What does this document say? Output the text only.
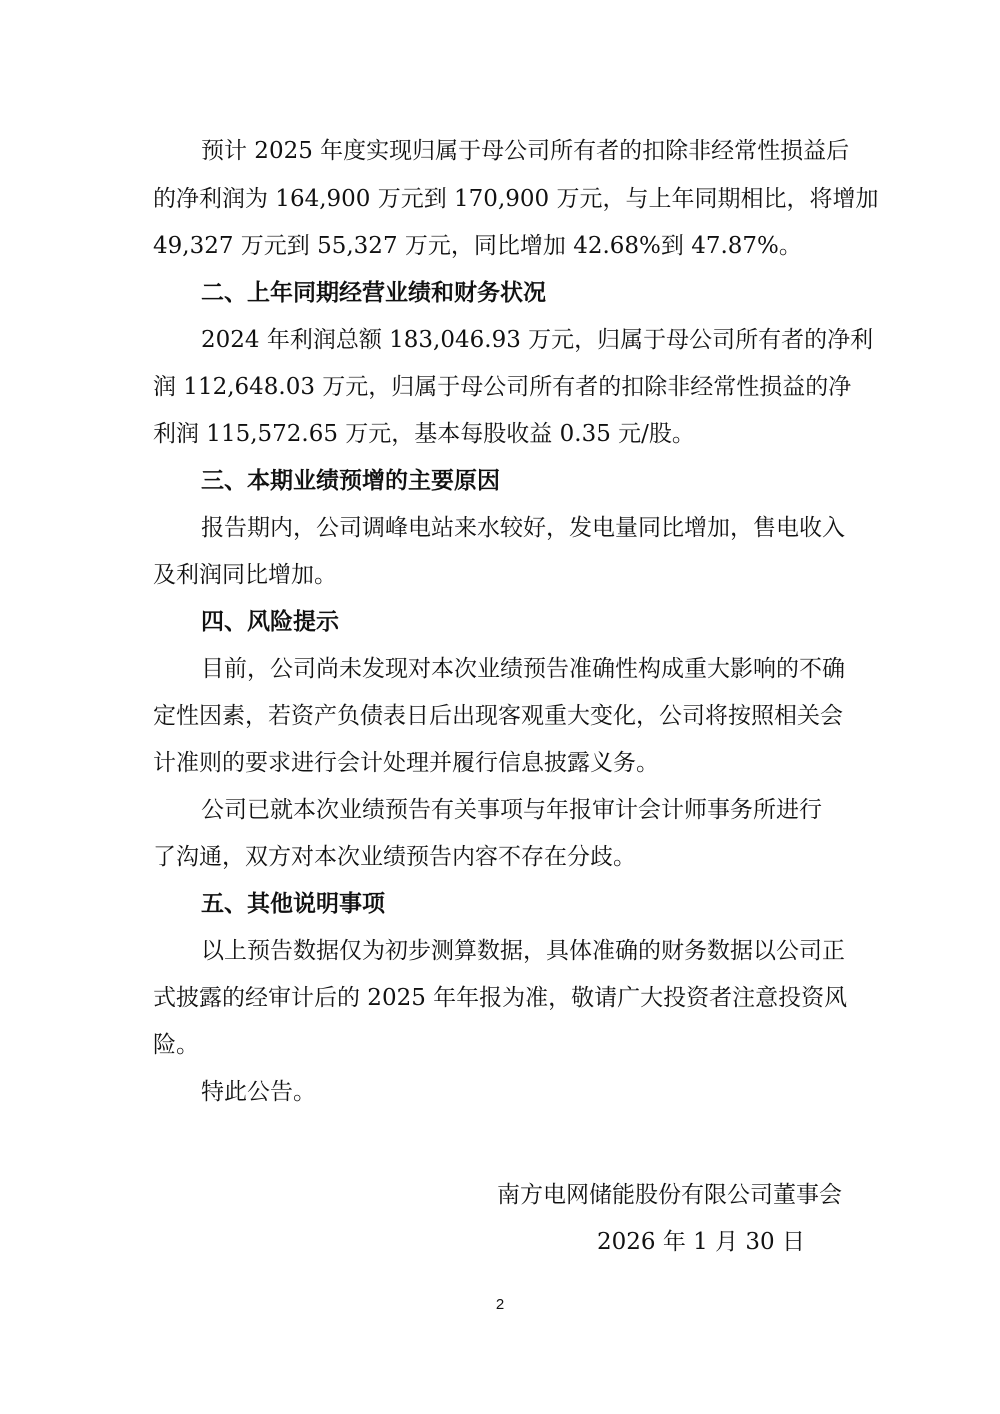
预计 2025 年度实现归属于母公司所有者的扣除非经常性损益后

的净利润为 164,900 万元到 170,900 万元，与上年同期相比，将增加

49,327 万元到 55,327 万元，同比增加 42.68%到 47.87%。

二、上年同期经营业绩和财务状况

2024 年利润总额 183,046.93 万元，归属于母公司所有者的净利

润 112,648.03 万元，归属于母公司所有者的扣除非经常性损益的净

利润 115,572.65 万元，基本每股收益 0.35 元/股。

三、本期业绩预增的主要原因

报告期内，公司调峰电站来水较好，发电量同比增加，售电收入

及利润同比增加。

四、风险提示

目前，公司尚未发现对本次业绩预告准确性构成重大影响的不确

定性因素，若资产负债表日后出现客观重大变化，公司将按照相关会

计准则的要求进行会计处理并履行信息披露义务。

公司已就本次业绩预告有关事项与年报审计会计师事务所进行

了沟通，双方对本次业绩预告内容不存在分歧。

五、其他说明事项

以上预告数据仅为初步测算数据，具体准确的财务数据以公司正

式披露的经审计后的 2025 年年报为准，敬请广大投资者注意投资风

险。

特此公告。

南方电网储能股份有限公司董事会

2026 年 1 月 30 日

2
